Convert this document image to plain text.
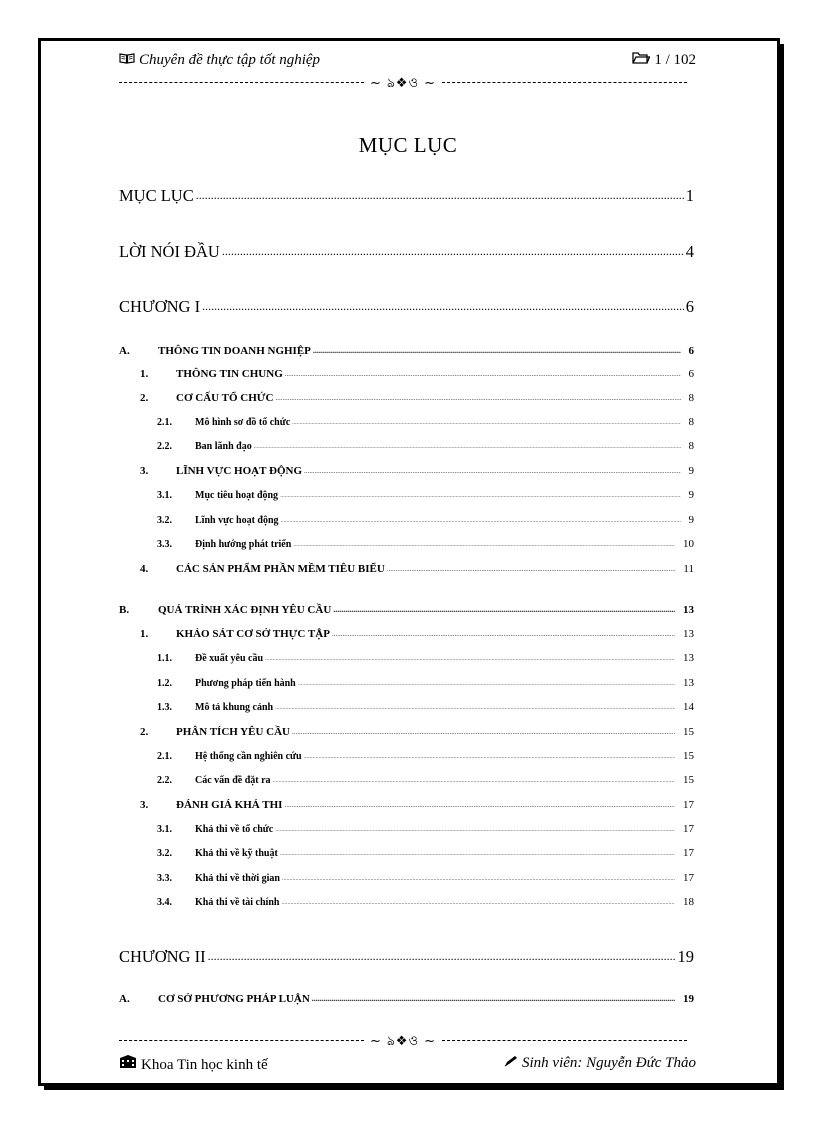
Chuyên đề thực tập tốt nghiệp	1 / 102
~ ঌ❖ও ~
MỤC LỤC
MỤC LỤC .....	1
LỜI NÓI ĐẦU .....	4
CHƯƠNG I .....	6
A.	THÔNG TIN DOANH NGHIỆP .....	6
1.	THÔNG TIN CHUNG .....	6
2.	CƠ CẤU TỔ CHỨC .....	8
2.1.	Mô hình sơ đồ tổ chức .....	8
2.2.	Ban lãnh đạo .....	8
3.	LĨNH VỰC HOẠT ĐỘNG .....	9
3.1.	Mục tiêu hoạt động .....	9
3.2.	Lĩnh vực hoạt động .....	9
3.3.	Định hướng phát triển .....	10
4.	CÁC SẢN PHẨM PHẦN MỀM TIÊU BIỂU .....	11
B.	QUÁ TRÌNH XÁC ĐỊNH YÊU CẦU .....	13
1.	KHẢO SÁT CƠ SỞ THỰC TẬP .....	13
1.1.	Đề xuất yêu cầu .....	13
1.2.	Phương pháp tiến hành .....	13
1.3.	Mô tả khung cảnh .....	14
2.	PHÂN TÍCH YÊU CẦU .....	15
2.1.	Hệ thống cần nghiên cứu .....	15
2.2.	Các vấn đề đặt ra .....	15
3.	ĐÁNH GIÁ KHẢ THI .....	17
3.1.	Khả thi về tổ chức .....	17
3.2.	Khả thi về kỹ thuật .....	17
3.3.	Khả thi về thời gian .....	17
3.4.	Khả thi về tài chính .....	18
CHƯƠNG II .....	19
A.	CƠ SỞ PHƯƠNG PHÁP LUẬN .....	19
~ ঌ❖ও ~
Khoa Tin học kinh tế	Sinh viên: Nguyễn Đức Thảo
